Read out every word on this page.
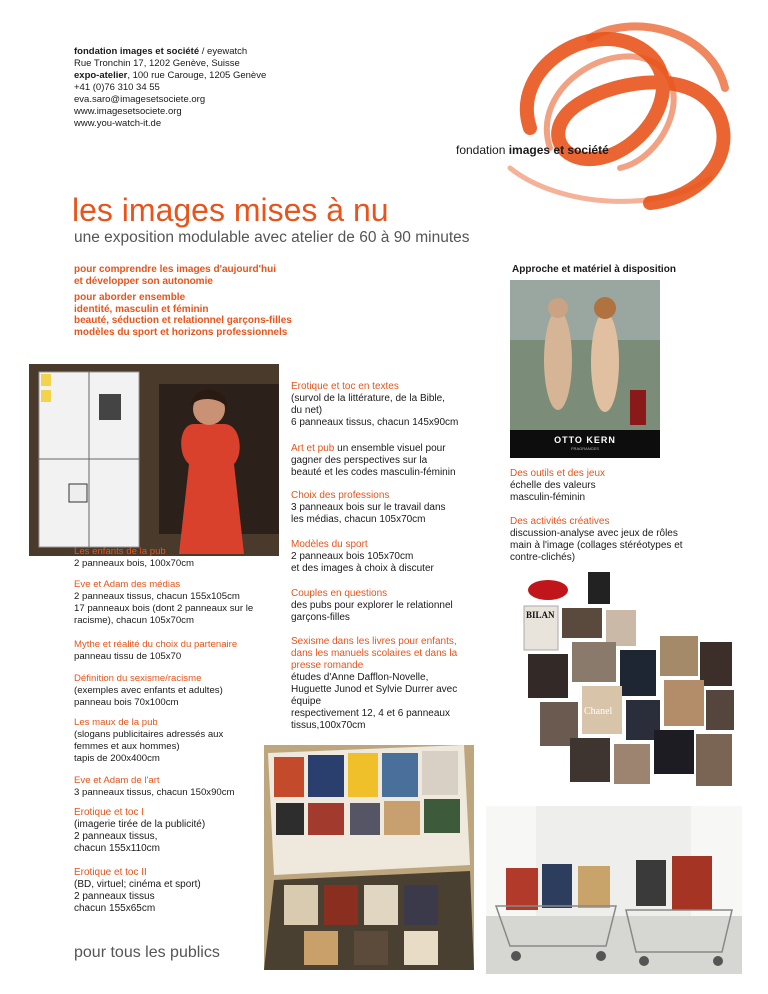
fondation images et société / eyewatch
Rue Tronchin 17, 1202 Genève, Suisse
expo-atelier, 100 rue Carouge, 1205 Genève
+41 (0)76 310 34 55
eva.saro@imagesetsociete.org
www.imagesetsociete.org
www.you-watch-it.de
fondation images et société
les images mises à nu
une exposition modulable avec atelier de 60 à 90 minutes

pour comprendre les images d'aujourd'hui
et développer son autonomie

pour aborder ensemble
identité, masculin et féminin
beauté, séduction et relationnel garçons-filles
modèles du sport et horizons professionnels

Approche et matériel à disposition
OTTO KERN
FRAGRANCES
Erotique et toc en textes
(survol de la littérature, de la Bible,
du net)
6 panneaux tissus, chacun 145x90cm
Art et pub un ensemble visuel pour
gagner des perspectives sur la
beauté et les codes masculin-féminin
Choix des professions
3 panneaux bois sur le travail dans
les médias, chacun 105x70cm
Modèles du sport
2 panneaux bois 105x70cm
et des images à choix à discuter
Couples en questions
des pubs pour explorer le relationnel
garçons-filles
Sexisme dans les livres pour enfants,
dans les manuels scolaires et dans la
presse romande
études d'Anne Dafflon-Novelle,
Huguette Junod et Sylvie Durrer avec
équipe
respectivement 12, 4 et 6 panneaux
tissus,100x70cm
Des outils et des jeux
échelle des valeurs
masculin-féminin
Des activités créatives
discussion-analyse avec jeux de rôles
main à l'image (collages stéréotypes et
contre-clichés)
Les enfants de la pub
2 panneaux bois, 100x70cm
Eve et Adam des médias
2 panneaux tissus, chacun 155x105cm
17 panneaux bois (dont 2 panneaux sur le
racisme), chacun 105x70cm
Mythe et réalité du choix du partenaire
panneau tissu de 105x70
Définition du sexisme/racisme
(exemples avec enfants et adultes)
panneau bois 70x100cm
Les maux de la pub
(slogans publicitaires adressés aux
femmes et aux hommes)
tapis de 200x400cm
Eve et Adam de l'art
3 panneaux tissus, chacun 150x90cm
Erotique et toc I
(imagerie tirée de la publicité)
2 panneaux tissus,
chacun 155x110cm
Erotique et toc II
(BD, virtuel; cinéma et sport)
2 panneaux tissus
chacun 155x65cm
BILAN
Chanel
pour tous les publics
